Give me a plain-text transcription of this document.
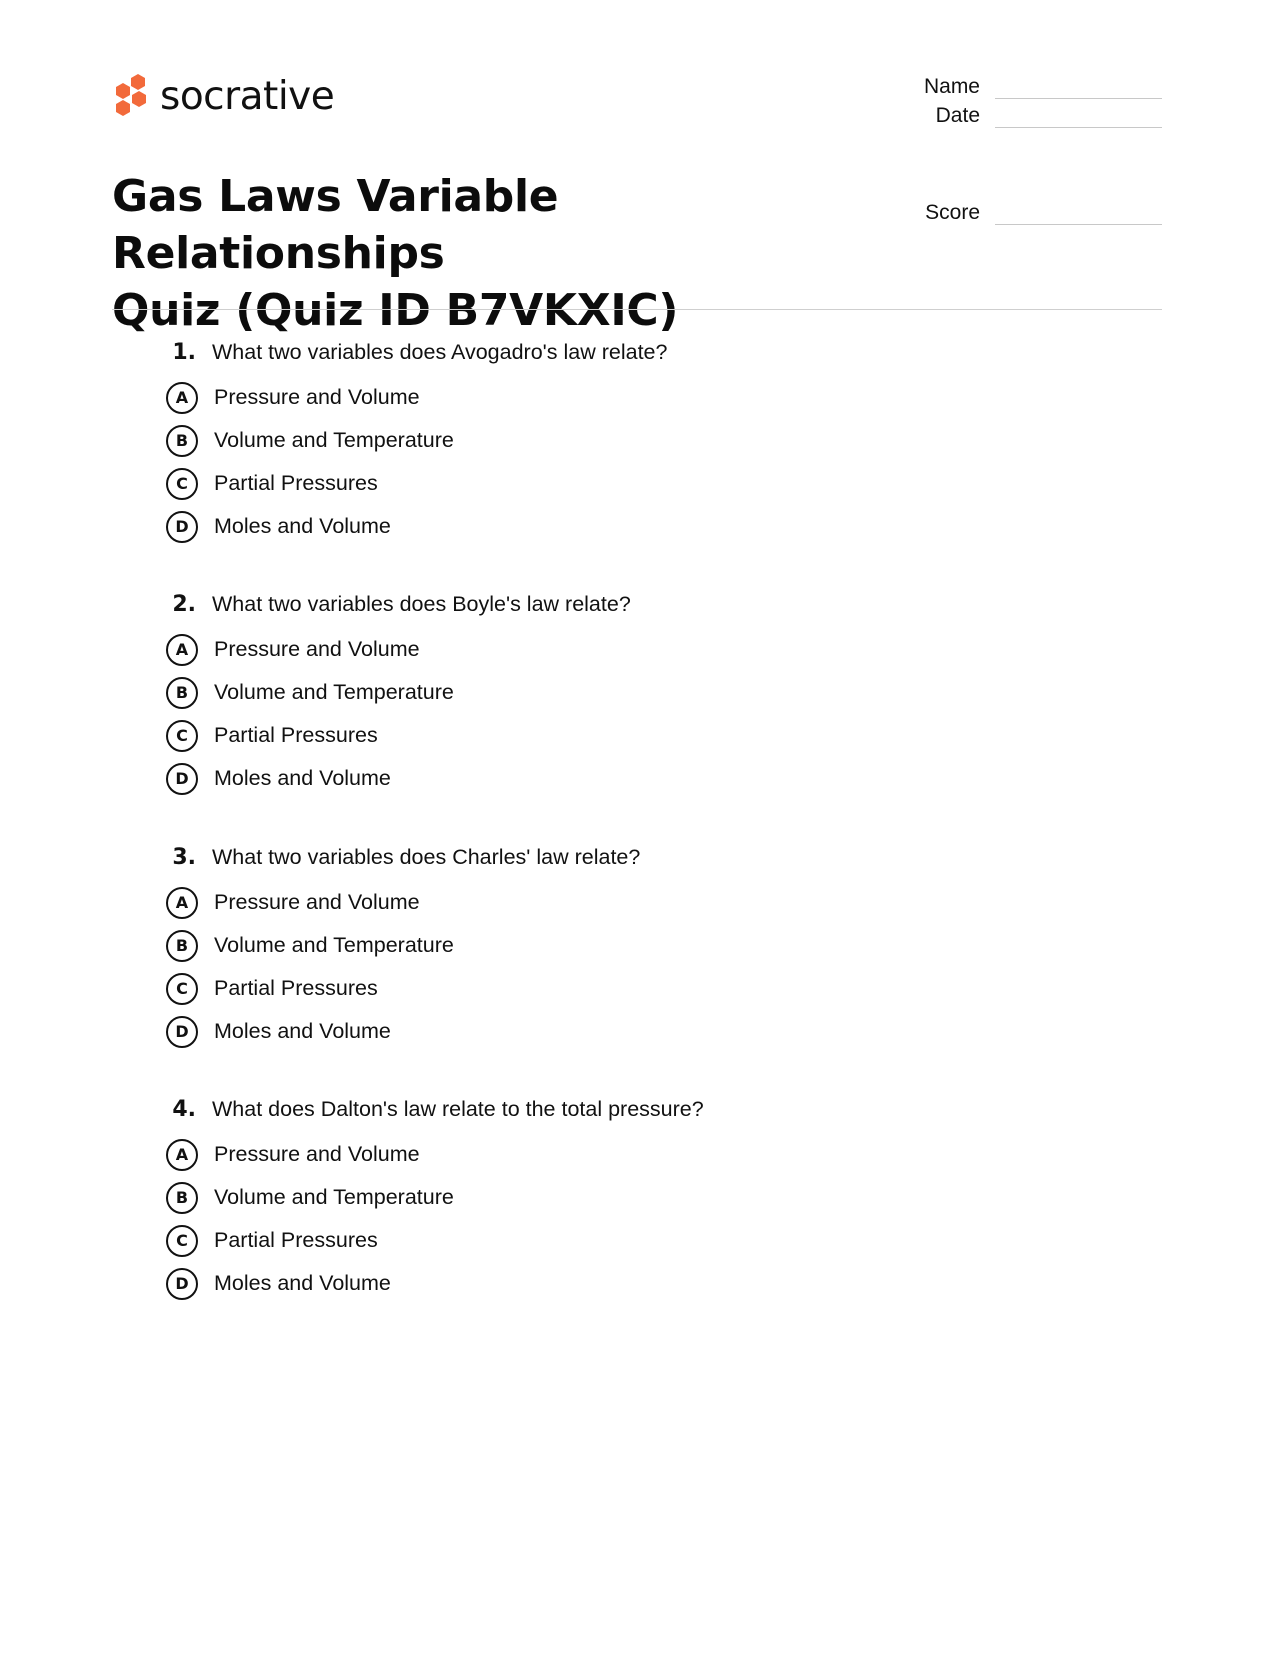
socrative	Name
Date
Score
Gas Laws Variable Relationships
Quiz (Quiz ID B7VKXIC)
1. What two variables does Avogadro's law relate?
A	Pressure and Volume
B	Volume and Temperature
C	Partial Pressures
D	Moles and Volume
2. What two variables does Boyle's law relate?
A	Pressure and Volume
B	Volume and Temperature
C	Partial Pressures
D	Moles and Volume
3. What two variables does Charles' law relate?
A	Pressure and Volume
B	Volume and Temperature
C	Partial Pressures
D	Moles and Volume
4. What does Dalton's law relate to the total pressure?
A	Pressure and Volume
B	Volume and Temperature
C	Partial Pressures
D	Moles and Volume
